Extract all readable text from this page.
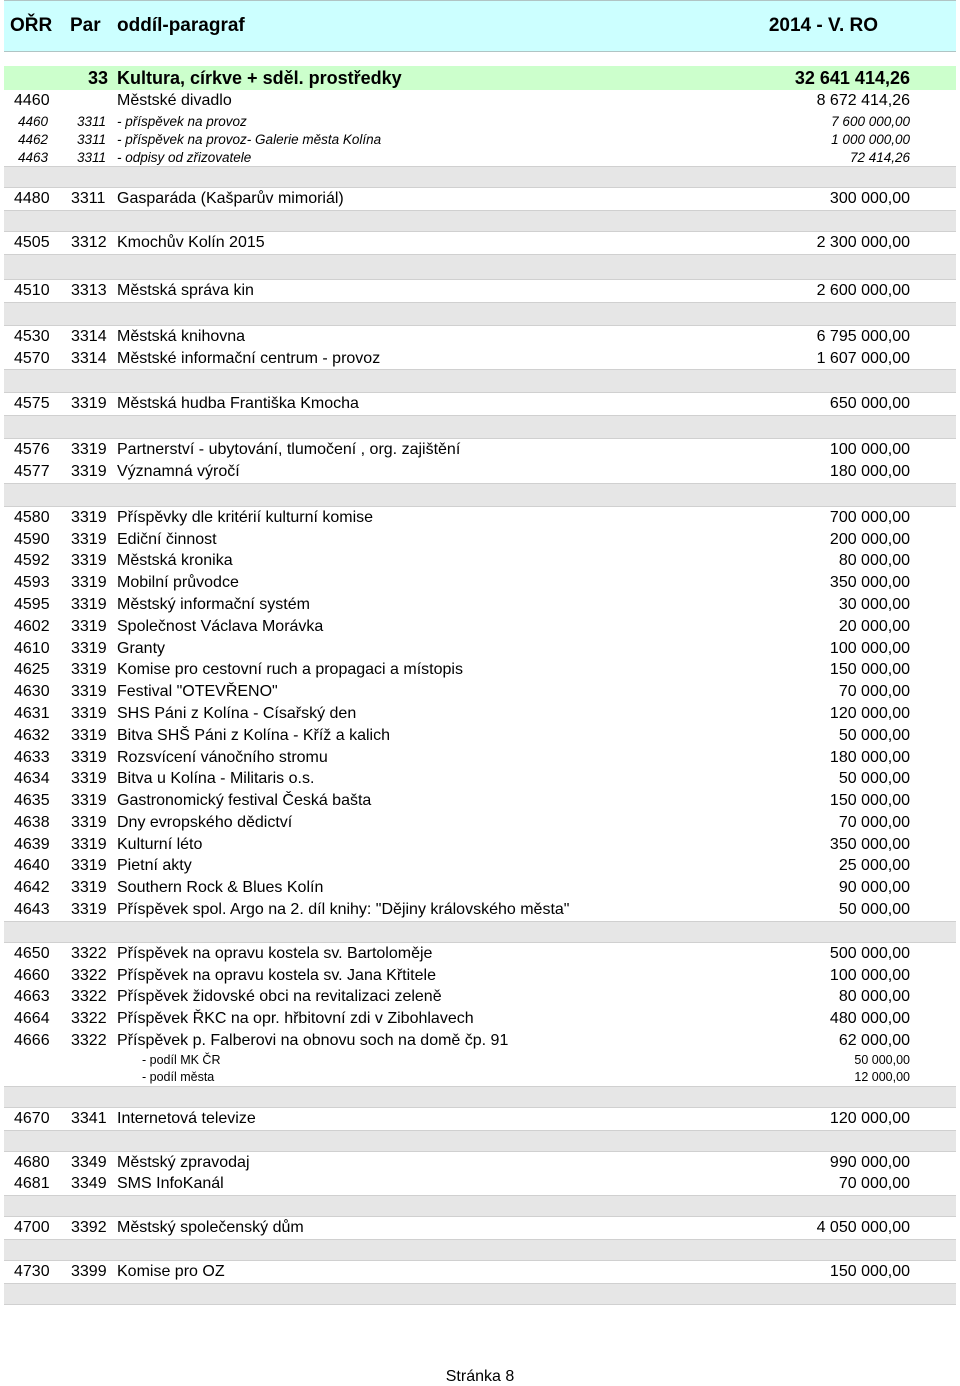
OŘR Par oddíl-paragraf	2014 - V. RO
33 Kultura, církve + sděl. prostředky	32 641 414,26
4460	Městské divadlo	8 672 414,26
4460 3311 - příspěvek na provoz	7 600 000,00
4462 3311 - příspěvek na provoz- Galerie města Kolína	1 000 000,00
4463 3311 - odpisy od zřizovatele	72 414,26
4480 3311 Gasparáda (Kašparův mimoriál)	300 000,00
4505 3312 Kmochův Kolín 2015	2 300 000,00
4510 3313 Městská správa kin	2 600 000,00
4530 3314 Městská knihovna	6 795 000,00
4570 3314 Městské informační centrum - provoz	1 607 000,00
4575 3319 Městská hudba Františka Kmocha	650 000,00
4576 3319 Partnerství - ubytování, tlumočení , org. zajištění	100 000,00
4577 3319 Významná výročí	180 000,00
4580 3319 Příspěvky dle kritérií kulturní komise	700 000,00
4590 3319 Ediční činnost	200 000,00
4592 3319 Městská kronika	80 000,00
4593 3319 Mobilní průvodce	350 000,00
4595 3319 Městský informační systém	30 000,00
4602 3319 Společnost Václava Morávka	20 000,00
4610 3319 Granty	100 000,00
4625 3319 Komise pro cestovní ruch a propagaci a místopis	150 000,00
4630 3319 Festival "OTEVŘENO"	70 000,00
4631 3319 SHS Páni z Kolína - Císařský den	120 000,00
4632 3319 Bitva SHŠ Páni z Kolína - Kříž a kalich	50 000,00
4633 3319 Rozsvícení vánočního stromu	180 000,00
4634 3319 Bitva u Kolína - Militaris o.s.	50 000,00
4635 3319 Gastronomický festival Česká bašta	150 000,00
4638 3319 Dny evropského dědictví	70 000,00
4639 3319 Kulturní léto	350 000,00
4640 3319 Pietní akty	25 000,00
4642 3319 Southern Rock & Blues Kolín	90 000,00
4643 3319 Příspěvek spol. Argo na 2. díl knihy: "Dějiny královského města"	50 000,00
4650 3322 Příspěvek na opravu kostela sv. Bartoloměje	500 000,00
4660 3322 Příspěvek na opravu kostela sv. Jana Křtitele	100 000,00
4663 3322 Příspěvek židovské obci na revitalizaci zeleně	80 000,00
4664 3322 Příspěvek ŘKC na opr. hřbitovní zdi v Zibohlavech	480 000,00
4666 3322 Příspěvek p. Falberovi na obnovu soch na domě čp. 91	62 000,00
- podíl MK ČR	50 000,00
- podíl města	12 000,00
4670 3341 Internetová televize	120 000,00
4680 3349 Městský zpravodaj	990 000,00
4681 3349 SMS InfoKanál	70 000,00
4700 3392 Městský společenský dům	4 050 000,00
4730 3399 Komise pro OZ	150 000,00
Stránka 8
